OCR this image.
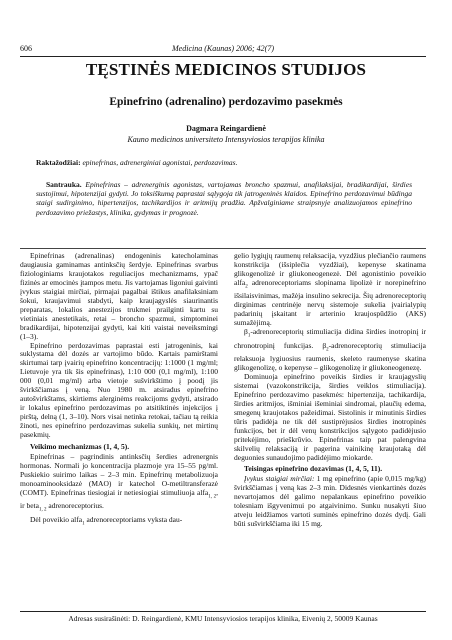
606	Medicina (Kaunas) 2006; 42(7)
TĘSTINĖS MEDICINOS STUDIJOS
Epinefrino (adrenalino) perdozavimo pasekmės
Dagmara Reingardienė
Kauno medicinos universiteto Intensyviosios terapijos klinika
Raktažodžiai: epinefrinas, adrenerginiai agonistai, perdozavimas.
Santrauka. Epinefrinas – adrenerginis agonistas, vartojamas broncho spazmui, anafilaksijai, bradikardijai, širdies sustojimui, hipotenzijai gydyti. Jo toksiškumą paprastai sąlygoja tik jatrogeninės klaidos. Epinefrino perdozavimui būdinga staigi sudirginimo, hipertenzijos, tachikardijos ir aritmijų pradžia. Apžvalginiame straipsnyje analizuojamos epinefrino perdozavimo priežastys, klinika, gydymas ir prognozė.

Epinefrinas (adrenalinas) endogeninis katecholaminas daugiausia gaminamas antinksčių šerdyje. Epinefrinas svarbus fiziologiniams kraujotakos reguliacijos mechanizmams, ypač fizinės ar emocinės įtampos metu. Jis vartojamas ligoniui gaivinti įvykus staigiai mirčiai, pirmajai pagalbai ištikus anafilaksiniam šokui, kraujavimui stabdyti, kaip kraujagyslės siaurinantis preparatas, lokalios anestezijos trukmei prailginti kartu su vietiniais anestetikais, retai – broncho spazmui, simptominei bradikardijai, hipotenzijai gydyti, kai kiti vaistai neveiksmingi (1–3).

Epinefrino perdozavimas paprastai esti jatrogeninis, kai suklystama dėl dozės ar vartojimo būdo. Kartais pamirštami skirtumai tarp įvairių epinefrino koncentracijų: 1:1000 (1 mg/ml; Lietuvoje yra tik šis epinefrinas), 1:10 000 (0,1 mg/ml), 1:100 000 (0,01 mg/ml) arba vietoje sušvirkštimo į poodį jis švirkščiamas į veną. Nuo 1980 m. atsiradus epinefrino autošvirkštams, skirtiems alerginėms reakcijoms gydyti, atsirado ir lokalus epinefrino perdozavimas po atsitiktinės injekcijos į pirštą, delną (1, 3–10). Nors visai netinka retokai, tačiau tą reikia žinoti, nes epinefrino perdozavimas sukelia sunkių, net mirtinų pasekmių.

Veikimo mechanizmas (1, 4, 5).

Epinefrinas – pagrindinis antinksčių šerdies adrenergnis hormonas. Normali jo koncentracija plazmoje yra 15–55 pg/ml. Puskiekio suirimo laikas – 2–3 min. Epinefrinų metabolizuoja monoaminooksidazė (MAO) ir katechol O-metiltransferazė (COMT). Epinefrinas tiesiogiai ir netiesiogiai stimuliuoja alfa$_{1, 2}$, ir beta$_{1, 2}$ adrenoreceptorius.

Dėl poveikio alfa$_1$ adrenoreceptoriams vyksta dau-

gelio lygiųjų raumenų relaksacija, vyzdžius plečiančio raumens konstrikcija (išsiplečia vyzdžiai), kepenyse skatinama glikogenolizė ir gliukoneogenezė. Dėl agonistinio poveikio alfa$_2$ adrenoreceptoriams slopinama lipolizė ir norepinefrino išsilaisvinimas, mažėja insulino sekrecija. Šių adrenoreceptorių dirginimas centrinėje nervų sistemoje sukelia įvairialypių padarinių įskaitant ir arterinio kraujospūdžio (AKS) sumažėjimą.

$\beta_1$-adrenoreceptorių stimuliacija didina širdies inotropinį ir chronotropinį funkcijas. $\beta_2$-adrenoreceptorių stimuliacija relaksuoja lygiuosius raumenis, skeleto raumenyse skatina glikogenolizę, o kepenyse – glikogenolizę ir gliukoneogenezę.

Dominuoja epinefrino poveikis širdies ir kraujagyslių sistemai (vazokonstrikcija, širdies veiklos stimuliacija). Epinefrino perdozavimo pasekmės: hipertenzija, tachikardija, širdies aritmijos, išminiai išeminiai sindromai, plaučių edema, smegenų kraujotakos pažeidimai. Sistolinis ir minutinis širdies tūris padidėja ne tik dėl sustiprėjusios širdies inotropinės funkcijos, bet ir dėl venų konstrikcijos sąlygoto padidėjusio pritekėjimo, prieškrūvio. Epinefrinas taip pat palengvina skilvelių relaksaciją ir pagerina vainikinę kraujotaką dėl deguonies sunaudojimo padidėjimo miokarde.

Teisingas epinefrino dozavimas (1, 4, 5, 11).

Įvykus staigiai mirčiai: 1 mg epinefrino (apie 0,015 mg/kg) švirkščiamas į veną kas 2–3 min. Didesnės vienkartinės dozės nevartojamos dėl galimo nepalankaus epinefrino poveikio tolesniam išgyvenimui po atgaivinimo. Sunku nusakyti šiuo atveju leidžiamos vartoti suminės epinefrino dozės dydį. Gali būti sušvirkščiama iki 15 mg.

Adresas susirašinėti: D. Reingardienė, KMU Intensyviosios terapijos klinika, Eivenių 2, 50009 Kaunas
